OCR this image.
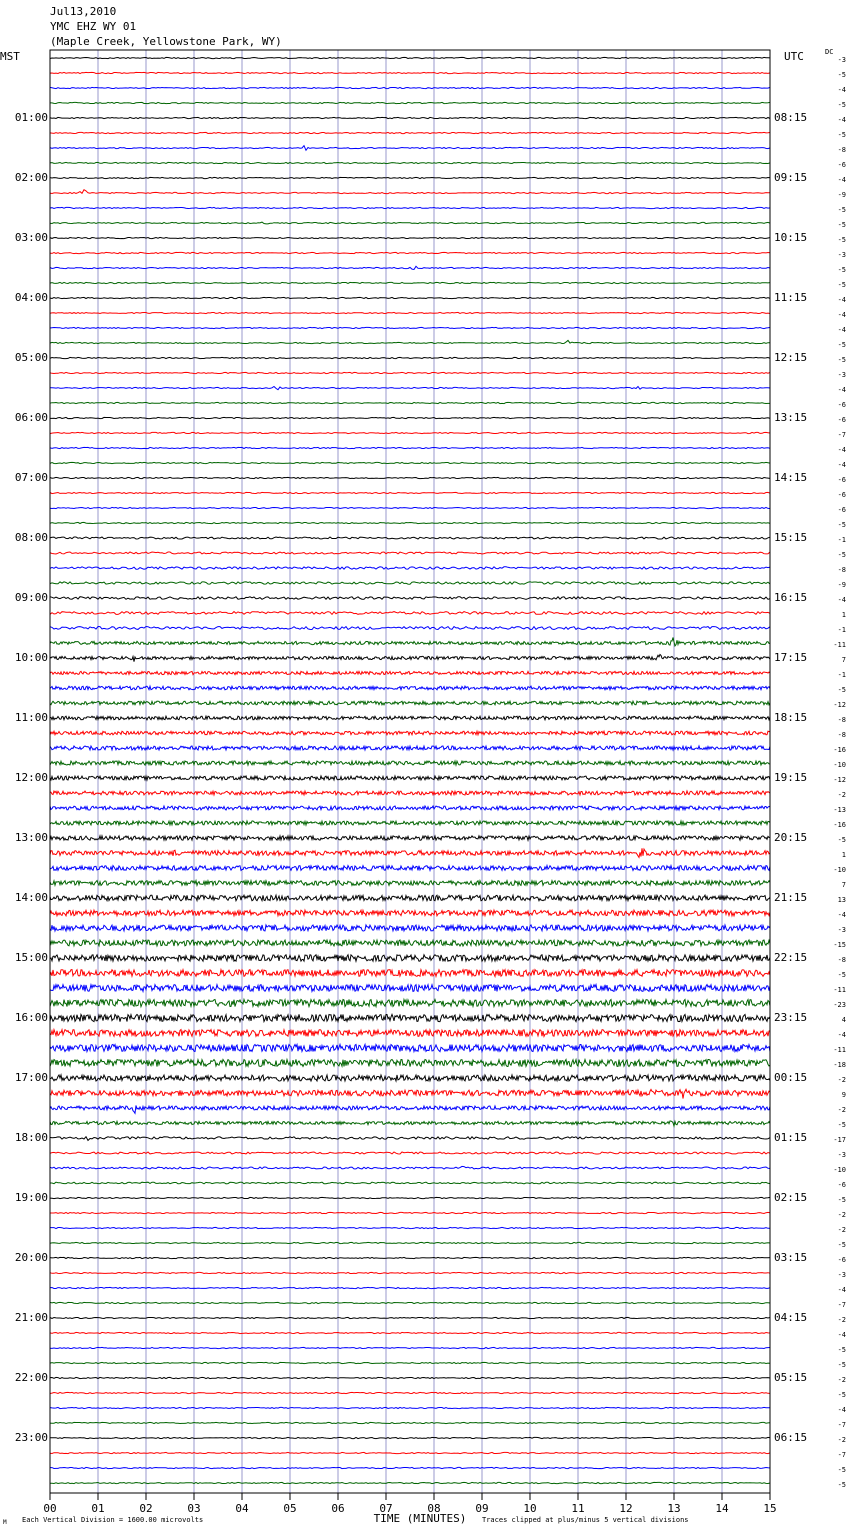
Jul13,2010
YMC EHZ WY 01
(Maple Creek, Yellowstone Park, WY)
MST	UTC	DC
01:00	08:15
02:00	09:15
03:00	10:15
04:00	11:15
05:00	12:15
06:00	13:15
07:00	14:15
08:00	15:15
09:00	16:15
10:00	17:15
11:00	18:15
12:00	19:15
13:00	20:15
14:00	21:15
15:00	22:15
16:00	23:15
17:00	00:15
18:00	01:15
19:00	02:15
20:00	03:15
21:00	04:15
22:00	05:15
23:00	06:15
-3
-5
-4
-5
-4
-5
-8
-6
-4
-9
-5
-5
-5
-3
-5
-5
-4
-4
-4
-5
-5
-3
-4
-6
-6
-7
-4
-4
-6
-6
-6
-5
-1
-5
-8
-9
-4
1
-1
-11
7
-1
-5
-12
-8
-8
-16
-10
-12
-2
-13
-16
-5
1
-10
7
13
-4
-3
-15
-8
-5
-11
-23
4
-4
-11
-18
-2
9
-2
-5
-17
-3
-10
-6
-5
-2
-2
-5
-6
-3
-4
-7
-2
-4
-5
-5
-2
-5
-4
-7
-2
-7
-5
-5
00	01	02	03	04	05	06	07	08	09	10	11	12	13	14	15
TIME (MINUTES)
Each Vertical Division = 1600.00 microvolts	Traces clipped at plus/minus 5 vertical divisions
M
